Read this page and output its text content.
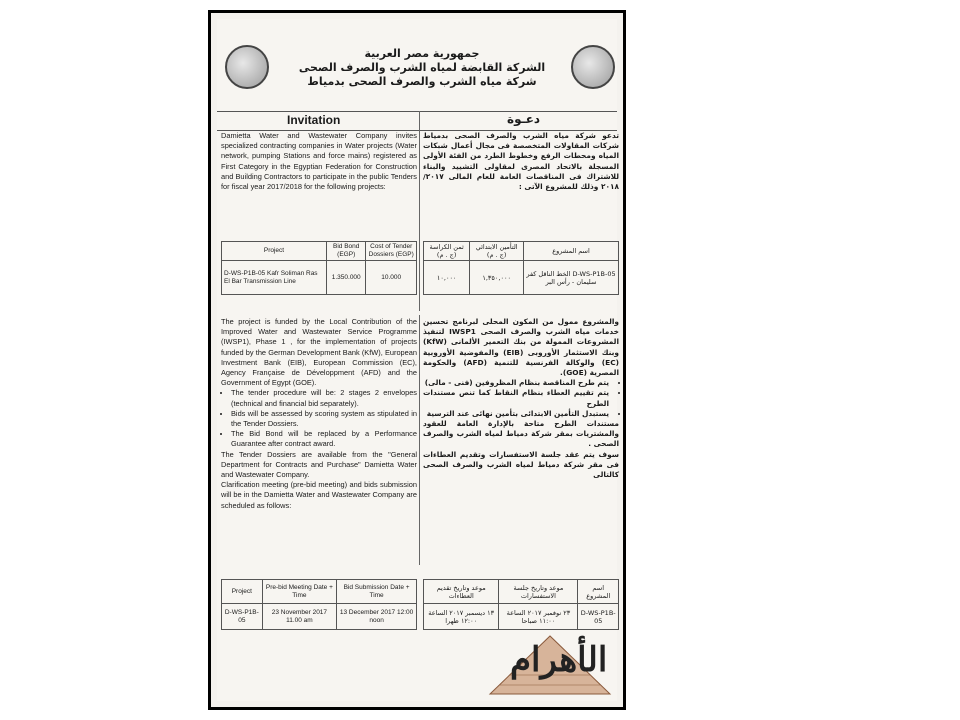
جمهورية مصر العربية
الشركة القابضة لمياه الشرب والصرف الصحى
شركة مياه الشرب والصرف الصحى بدمياط
Invitation	دعـوة
Damietta Water and Wastewater Company invites specialized contracting companies in Water projects (Water network, pumping Stations and force mains) registered as First Category in the Egyptian Federation for Construction and Building Contractors to participate in the public Tenders for fiscal year 2017/2018 for the following projects:
تدعو شركة مياه الشرب والصرف الصحى بدمياط شركات المقاولات المتخصصة فى مجال أعمال شبكات المياه ومحطات الرفع وخطوط الطرد من الفئة الأولى المسجلة بالاتحاد المصرى لمقاولى التشييد والبناء للاشتراك فى المناقصات العامة للعام المالى ٢٠١٧/ ٢٠١٨ وذلك للمشروع الآتى :
Project	Bid Bond (EGP)	Cost of Tender Dossiers (EGP)
D-WS-P1B-05 Kafr Soliman Ras El Bar Transmission Line	1.350.000	10.000
اسم المشروع	التأمين الابتدائي (ج . م)	ثمن الكراسة (ج . م)
D-WS-P1B-05 الخط الناقل كفر سليمان - رأس البر	١,٣٥٠,٠٠٠	١٠,٠٠٠
The project is funded by the Local Contribution of the Improved Water and Wastewater Service Programme (IWSP1), Phase 1 , for the implementation of projects funded by the German Development Bank (KfW), European Investment Bank (EIB), European Commission (EC), Agency Française de Développment (AFD) and the Government of Egypt (GOE).
• The tender procedure will be: 2 stages 2 envelopes (technical and financial bid separately).
• Bids will be assessed by scoring system as stipulated in the Tender Dossiers.
• The Bid Bond will be replaced by a Performance Guarantee after contract award.
The Tender Dossiers are available from the "General Department for Contracts and Purchase" Damietta Water and Wastewater Company.
Clarification meeting (pre-bid meeting) and bids submission will be in the Damietta Water and Wastewater Company are scheduled as follows:
والمشروع ممول من المكون المحلى لبرنامج تحسين خدمات مياه الشرب والصرف الصحى IWSP1 لتنفيذ المشروعات الممولة من بنك التعمير الألمانى (KfW) وبنك الاستثمار الأوروبى (EIB) والمفوضية الأوروبية (EC) والوكالة الفرنسية للتنمية (AFD) والحكومة المصرية (GOE).
• يتم طرح المناقصة بنظام المظروفين (فنى - مالى)
• يتم تقييم العطاء بنظام النقاط كما تنص مستندات الطرح
• يستبدل التأمين الابتدائى بتأمين نهائى عند الترسية
مستندات الطرح متاحة بالإدارة العامة للعقود والمشتريات بمقر شركة دمياط لمياه الشرب والصرف الصحى .
سوف يتم عقد جلسة الاستفسارات وتقديم العطاءات فى مقر شركة دمياط لمياه الشرب والصرف الصحى كالتالى
Project	Pre-bid Meeting Date + Time	Bid Submission Date + Time
D-WS-P1B-05	23 November 2017 11.00 am	13 December 2017 12:00 noon
اسم المشروع	موعد وتاريخ جلسة الاستفسارات	موعد وتاريخ تقديم العطاءات
D-WS-P1B-05	٢٣ نوفمبر ٢٠١٧ الساعة ١١:٠٠ صباحا	١٣ ديسمبر ٢٠١٧ الساعة ١٢:٠٠ ظهرا
الأهرام
